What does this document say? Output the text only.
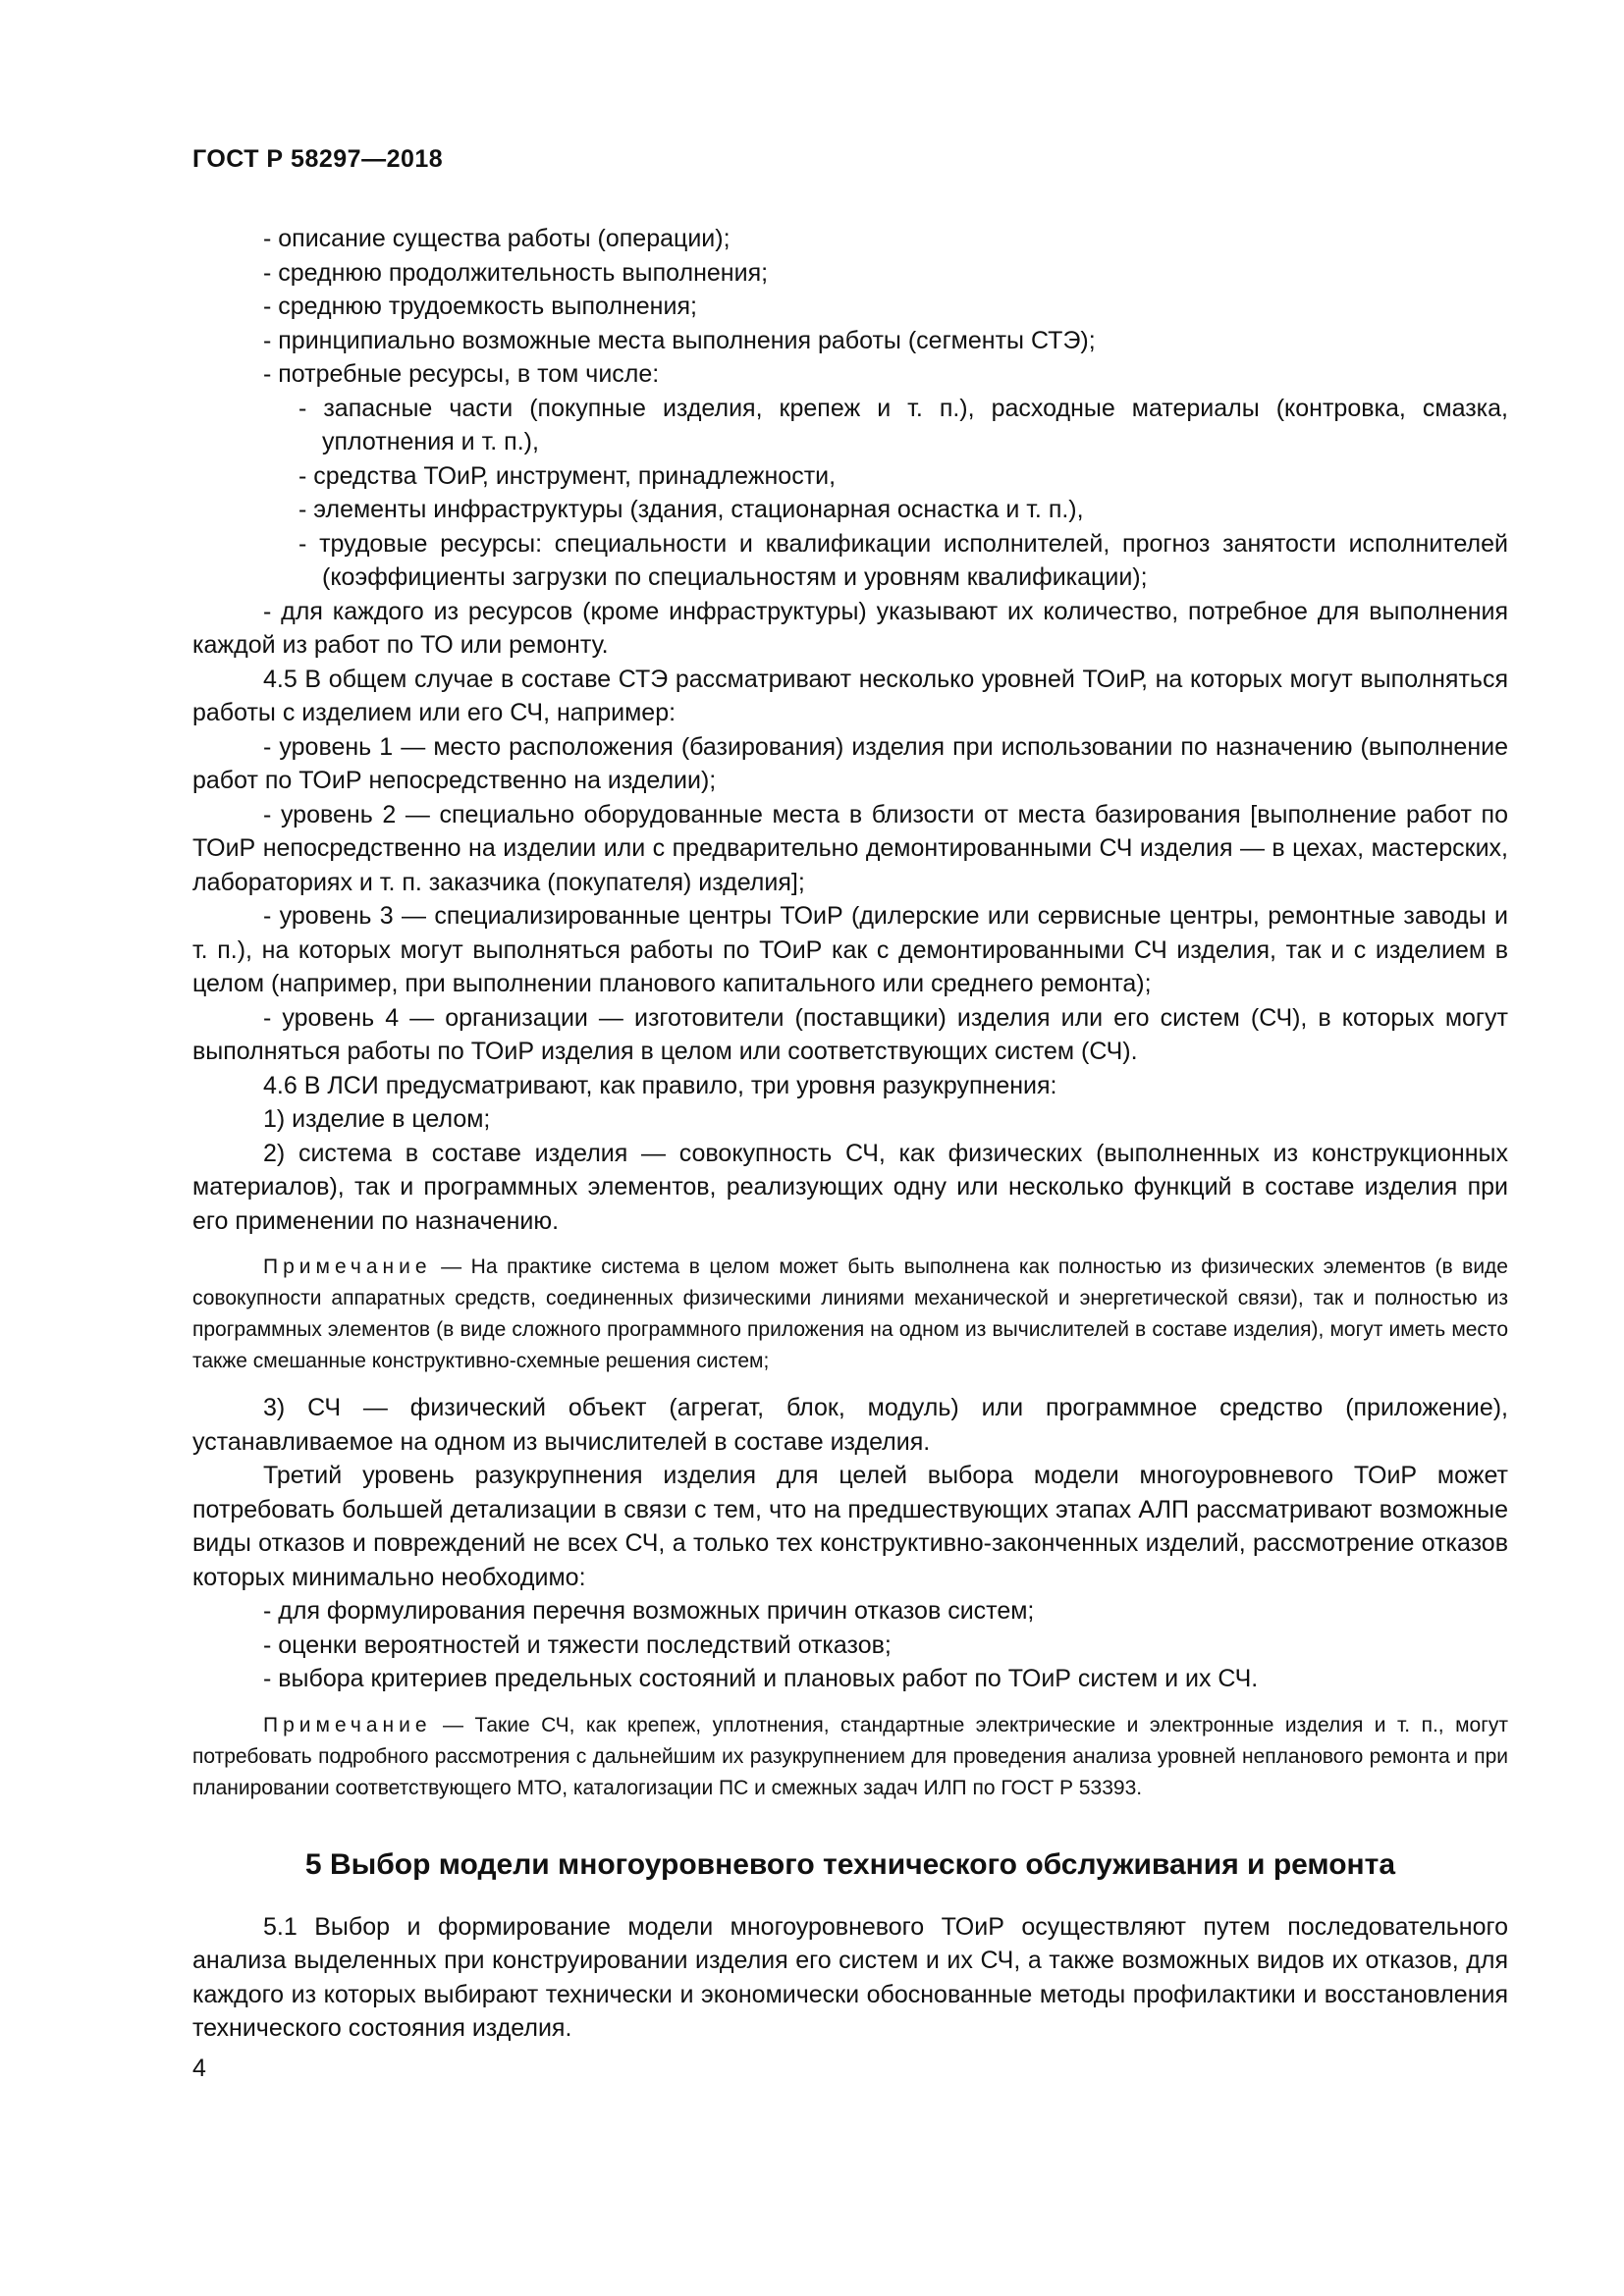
ГОСТ Р 58297—2018

- описание существа работы (операции);

- среднюю продолжительность выполнения;

- среднюю трудоемкость выполнения;

- принципиально возможные места выполнения работы (сегменты СТЭ);

- потребные ресурсы, в том числе:

- запасные части (покупные изделия, крепеж и т. п.), расходные материалы (контровка, смазка, уплотнения и т. п.),

- средства ТОиР, инструмент, принадлежности,

- элементы инфраструктуры (здания, стационарная оснастка и т. п.),

- трудовые ресурсы: специальности и квалификации исполнителей, прогноз занятости исполнителей (коэффициенты загрузки по специальностям и уровням квалификации);

- для каждого из ресурсов (кроме инфраструктуры) указывают их количество, потребное для выполнения каждой из работ по ТО или ремонту.

4.5 В общем случае в составе СТЭ рассматривают несколько уровней ТОиР, на которых могут выполняться работы с изделием или его СЧ, например:

- уровень 1 — место расположения (базирования) изделия при использовании по назначению (выполнение работ по ТОиР непосредственно на изделии);

- уровень 2 — специально оборудованные места в близости от места базирования [выполнение работ по ТОиР непосредственно на изделии или с предварительно демонтированными СЧ изделия — в цехах, мастерских, лабораториях и т. п. заказчика (покупателя) изделия];

- уровень 3 — специализированные центры ТОиР (дилерские или сервисные центры, ремонтные заводы и т. п.), на которых могут выполняться работы по ТОиР как с демонтированными СЧ изделия, так и с изделием в целом (например, при выполнении планового капитального или среднего ремонта);

- уровень 4 — организации — изготовители (поставщики) изделия или его систем (СЧ), в которых могут выполняться работы по ТОиР изделия в целом или соответствующих систем (СЧ).

4.6 В ЛСИ предусматривают, как правило, три уровня разукрупнения:

1) изделие в целом;

2) система в составе изделия — совокупность СЧ, как физических (выполненных из конструкционных материалов), так и программных элементов, реализующих одну или несколько функций в составе изделия при его применении по назначению.

Примечание — На практике система в целом может быть выполнена как полностью из физических элементов (в виде совокупности аппаратных средств, соединенных физическими линиями механической и энергетической связи), так и полностью из программных элементов (в виде сложного программного приложения на одном из вычислителей в составе изделия), могут иметь место также смешанные конструктивно-схемные решения систем;

3) СЧ — физический объект (агрегат, блок, модуль) или программное средство (приложение), устанавливаемое на одном из вычислителей в составе изделия.

Третий уровень разукрупнения изделия для целей выбора модели многоуровневого ТОиР может потребовать большей детализации в связи с тем, что на предшествующих этапах АЛП рассматривают возможные виды отказов и повреждений не всех СЧ, а только тех конструктивно-законченных изделий, рассмотрение отказов которых минимально необходимо:

- для формулирования перечня возможных причин отказов систем;

- оценки вероятностей и тяжести последствий отказов;

- выбора критериев предельных состояний и плановых работ по ТОиР систем и их СЧ.

Примечание — Такие СЧ, как крепеж, уплотнения, стандартные электрические и электронные изделия и т. п., могут потребовать подробного рассмотрения с дальнейшим их разукрупнением для проведения анализа уровней непланового ремонта и при планировании соответствующего МТО, каталогизации ПС и смежных задач ИЛП по ГОСТ Р 53393.

5 Выбор модели многоуровневого технического обслуживания и ремонта

5.1 Выбор и формирование модели многоуровневого ТОиР осуществляют путем последовательного анализа выделенных при конструировании изделия его систем и их СЧ, а также возможных видов их отказов, для каждого из которых выбирают технически и экономически обоснованные методы профилактики и восстановления технического состояния изделия.

4
